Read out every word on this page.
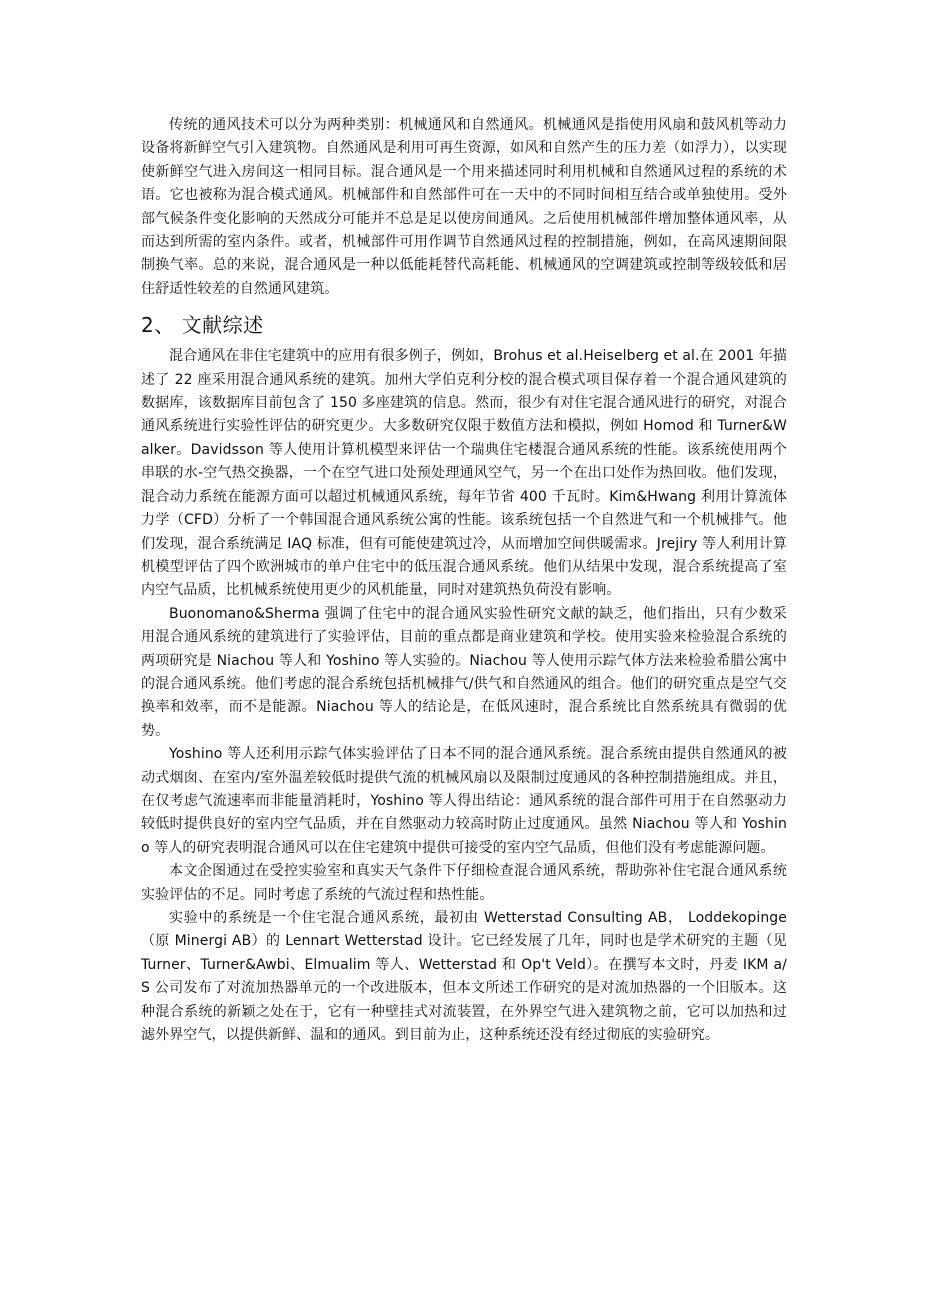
传统的通风技术可以分为两种类别：机械通风和自然通风。机械通风是指使用风扇和鼓风机等动力设备将新鲜空气引入建筑物。自然通风是利用可再生资源，如风和自然产生的压力差（如浮力），以实现使新鲜空气进入房间这一相同目标。混合通风是一个用来描述同时利用机械和自然通风过程的系统的术语。它也被称为混合模式通风。机械部件和自然部件可在一天中的不同时间相互结合或单独使用。受外部气候条件变化影响的天然成分可能并不总是足以使房间通风。之后使用机械部件增加整体通风率，从而达到所需的室内条件。或者，机械部件可用作调节自然通风过程的控制措施，例如，在高风速期间限制换气率。总的来说，混合通风是一种以低能耗替代高耗能、机械通风的空调建筑或控制等级较低和居住舒适性较差的自然通风建筑。

2、 文献综述

混合通风在非住宅建筑中的应用有很多例子，例如，Brohus et al.Heiselberg et al.在 2001 年描述了 22 座采用混合通风系统的建筑。加州大学伯克利分校的混合模式项目保存着一个混合通风建筑的数据库，该数据库目前包含了 150 多座建筑的信息。然而，很少有对住宅混合通风进行的研究，对混合通风系统进行实验性评估的研究更少。大多数研究仅限于数值方法和模拟，例如 Homod 和 Turner&Walker。Davidsson 等人使用计算机模型来评估一个瑞典住宅楼混合通风系统的性能。该系统使用两个串联的水-空气热交换器，一个在空气进口处预处理通风空气，另一个在出口处作为热回收。他们发现，混合动力系统在能源方面可以超过机械通风系统，每年节省 400 千瓦时。Kim&Hwang 利用计算流体力学（CFD）分析了一个韩国混合通风系统公寓的性能。该系统包括一个自然进气和一个机械排气。他们发现，混合系统满足 IAQ 标准，但有可能使建筑过冷，从而增加空间供暖需求。Jrejiry 等人利用计算机模型评估了四个欧洲城市的单户住宅中的低压混合通风系统。他们从结果中发现，混合系统提高了室内空气品质，比机械系统使用更少的风机能量，同时对建筑热负荷没有影响。

Buonomano&Sherma 强调了住宅中的混合通风实验性研究文献的缺乏，他们指出，只有少数采用混合通风系统的建筑进行了实验评估，目前的重点都是商业建筑和学校。使用实验来检验混合系统的两项研究是 Niachou 等人和 Yoshino 等人实验的。Niachou 等人使用示踪气体方法来检验希腊公寓中的混合通风系统。他们考虑的混合系统包括机械排气/供气和自然通风的组合。他们的研究重点是空气交换率和效率，而不是能源。Niachou 等人的结论是，在低风速时，混合系统比自然系统具有微弱的优势。

Yoshino 等人还利用示踪气体实验评估了日本不同的混合通风系统。混合系统由提供自然通风的被动式烟囱、在室内/室外温差较低时提供气流的机械风扇以及限制过度通风的各种控制措施组成。并且，在仅考虑气流速率而非能量消耗时，Yoshino 等人得出结论：通风系统的混合部件可用于在自然驱动力较低时提供良好的室内空气品质，并在自然驱动力较高时防止过度通风。虽然 Niachou 等人和 Yoshino 等人的研究表明混合通风可以在住宅建筑中提供可接受的室内空气品质，但他们没有考虑能源问题。

本文企图通过在受控实验室和真实天气条件下仔细检查混合通风系统，帮助弥补住宅混合通风系统实验评估的不足。同时考虑了系统的气流过程和热性能。

实验中的系统是一个住宅混合通风系统，最初由 Wetterstad Consulting AB， Loddekopinge（原 Minergi AB）的 Lennart Wetterstad 设计。它已经发展了几年，同时也是学术研究的主题（见 Turner、Turner&Awbi、Elmualim 等人、Wetterstad 和 Op't Veld）。在撰写本文时，丹麦 IKM a/S 公司发布了对流加热器单元的一个改进版本，但本文所述工作研究的是对流加热器的一个旧版本。这种混合系统的新颖之处在于，它有一种壁挂式对流装置，在外界空气进入建筑物之前，它可以加热和过滤外界空气，以提供新鲜、温和的通风。到目前为止，这种系统还没有经过彻底的实验研究。
